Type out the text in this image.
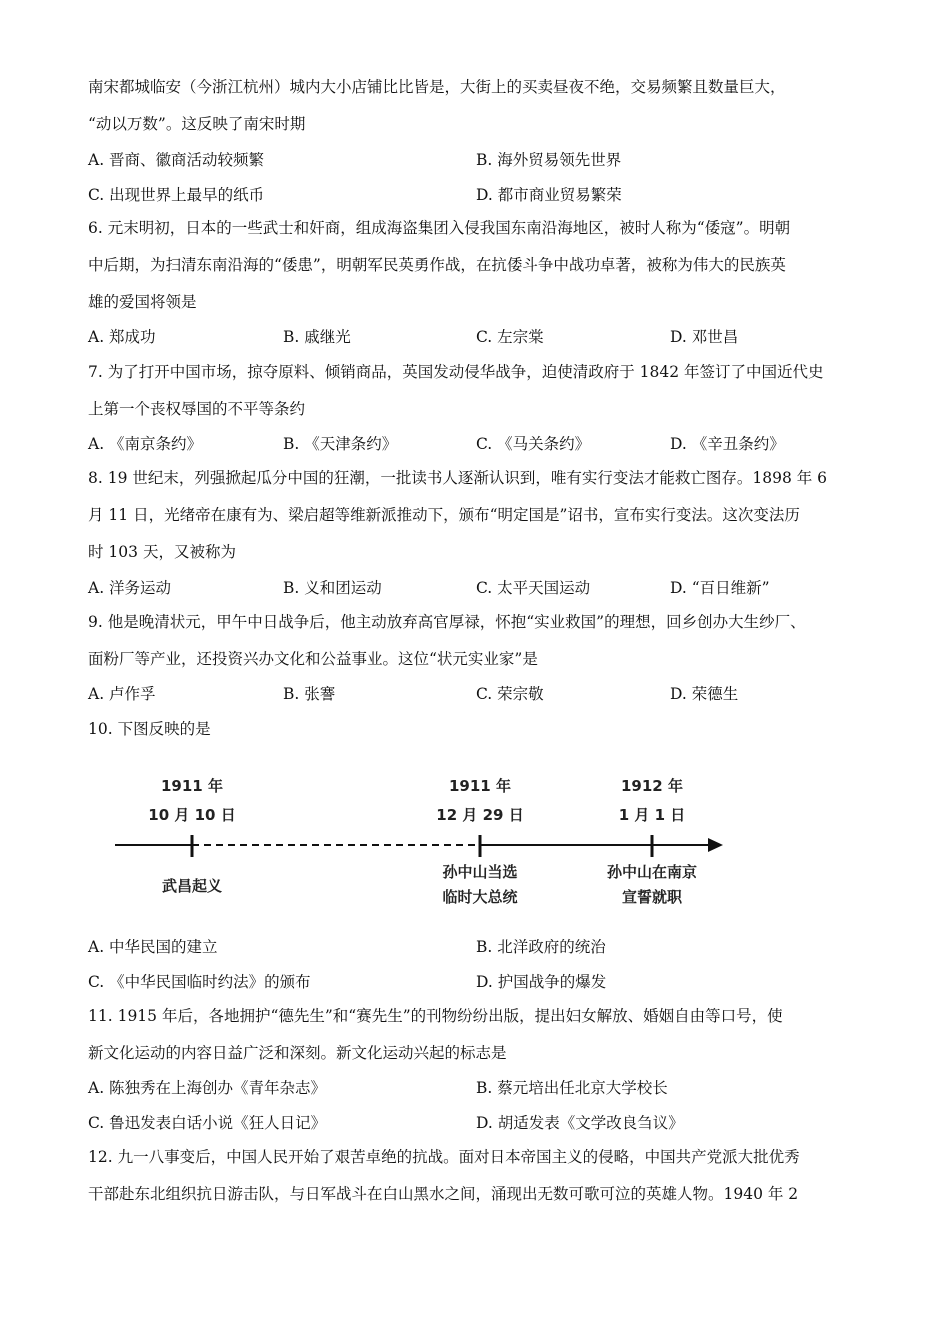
南宋都城临安（今浙江杭州）城内大小店铺比比皆是，大街上的买卖昼夜不绝，交易频繁且数量巨大，
“动以万数”。这反映了南宋时期
A. 晋商、徽商活动较频繁	B. 海外贸易领先世界
C. 出现世界上最早的纸币	D. 都市商业贸易繁荣
6. 元末明初，日本的一些武士和奸商，组成海盗集团入侵我国东南沿海地区，被时人称为“倭寇”。明朝
中后期，为扫清东南沿海的“倭患”，明朝军民英勇作战，在抗倭斗争中战功卓著，被称为伟大的民族英
雄的爱国将领是
A. 郑成功	B. 戚继光	C. 左宗棠	D. 邓世昌
7. 为了打开中国市场，掠夺原料、倾销商品，英国发动侵华战争，迫使清政府于 1842 年签订了中国近代史
上第一个丧权辱国的不平等条约
A. 《南京条约》	B. 《天津条约》	C. 《马关条约》	D. 《辛丑条约》
8. 19 世纪末，列强掀起瓜分中国的狂潮，一批读书人逐渐认识到，唯有实行变法才能救亡图存。1898 年 6
月 11 日，光绪帝在康有为、梁启超等维新派推动下，颁布“明定国是”诏书，宣布实行变法。这次变法历
时 103 天，又被称为
A. 洋务运动	B. 义和团运动	C. 太平天国运动	D. “百日维新”
9. 他是晚清状元，甲午中日战争后，他主动放弃高官厚禄，怀抱“实业救国”的理想，回乡创办大生纱厂、
面粉厂等产业，还投资兴办文化和公益事业。这位“状元实业家”是
A. 卢作孚	B. 张謇	C. 荣宗敬	D. 荣德生
10. 下图反映的是
1911 年
10 月 10 日
武昌起义
1911 年
12 月 29 日
孙中山当选
临时大总统
1912 年
1 月 1 日
孙中山在南京
宣誓就职
A. 中华民国的建立	B. 北洋政府的统治
C. 《中华民国临时约法》的颁布	D. 护国战争的爆发
11. 1915 年后，各地拥护“德先生”和“赛先生”的刊物纷纷出版，提出妇女解放、婚姻自由等口号，使
新文化运动的内容日益广泛和深刻。新文化运动兴起的标志是
A. 陈独秀在上海创办《青年杂志》	B. 蔡元培出任北京大学校长
C. 鲁迅发表白话小说《狂人日记》	D. 胡适发表《文学改良刍议》
12. 九一八事变后，中国人民开始了艰苦卓绝的抗战。面对日本帝国主义的侵略，中国共产党派大批优秀
干部赴东北组织抗日游击队，与日军战斗在白山黑水之间，涌现出无数可歌可泣的英雄人物。1940 年 2
